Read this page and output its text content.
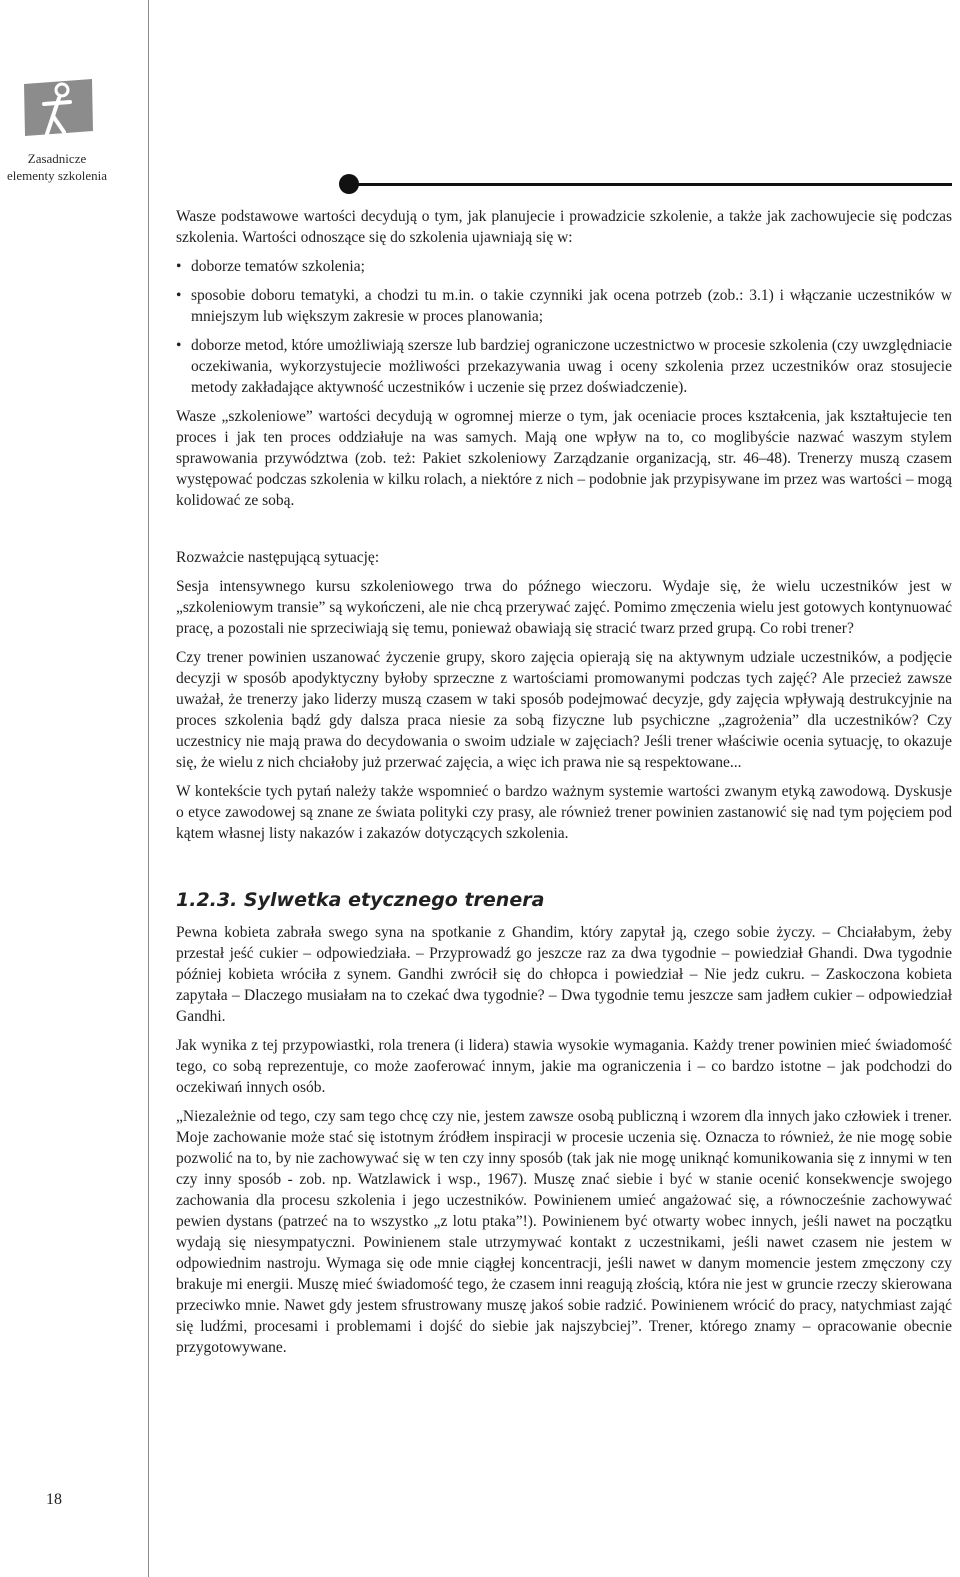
Zasadnicze
elementy szkolenia

Wasze podstawowe wartości decydują o tym, jak planujecie i prowadzicie szkolenie, a także jak zachowujecie się podczas szkolenia. Wartości odnoszące się do szkolenia ujawniają się w:

• doborze tematów szkolenia;
• sposobie doboru tematyki, a chodzi tu m.in. o takie czynniki jak ocena potrzeb (zob.: 3.1) i włączanie uczestników w mniejszym lub większym zakresie w proces planowania;
• doborze metod, które umożliwiają szersze lub bardziej ograniczone uczestnictwo w procesie szkolenia (czy uwzględniacie oczekiwania, wykorzystujecie możliwości przekazywania uwag i oceny szkolenia przez uczestników oraz stosujecie metody zakładające aktywność uczestników i uczenie się przez doświadczenie).

Wasze „szkoleniowe” wartości decydują w ogromnej mierze o tym, jak oceniacie proces kształcenia, jak kształtujecie ten proces i jak ten proces oddziałuje na was samych. Mają one wpływ na to, co moglibyście nazwać waszym stylem sprawowania przywództwa (zob. też: Pakiet szkoleniowy Zarządzanie organizacją, str. 46–48). Trenerzy muszą czasem występować podczas szkolenia w kilku rolach, a niektóre z nich – podobnie jak przypisywane im przez was wartości – mogą kolidować ze sobą.

Rozważcie następującą sytuację:

Sesja intensywnego kursu szkoleniowego trwa do późnego wieczoru. Wydaje się, że wielu uczestników jest w „szkoleniowym transie” są wykończeni, ale nie chcą przerywać zajęć. Pomimo zmęczenia wielu jest gotowych kontynuować pracę, a pozostali nie sprzeciwiają się temu, ponieważ obawiają się stracić twarz przed grupą. Co robi trener?

Czy trener powinien uszanować życzenie grupy, skoro zajęcia opierają się na aktywnym udziale uczestników, a podjęcie decyzji w sposób apodyktyczny byłoby sprzeczne z wartościami promowanymi podczas tych zajęć? Ale przecież zawsze uważał, że trenerzy jako liderzy muszą czasem w taki sposób podejmować decyzje, gdy zajęcia wpływają destrukcyjnie na proces szkolenia bądź gdy dalsza praca niesie za sobą fizyczne lub psychiczne „zagrożenia” dla uczestników? Czy uczestnicy nie mają prawa do decydowania o swoim udziale w zajęciach? Jeśli trener właściwie ocenia sytuację, to okazuje się, że wielu z nich chciałoby już przerwać zajęcia, a więc ich prawa nie są respektowane...

W kontekście tych pytań należy także wspomnieć o bardzo ważnym systemie wartości zwanym etyką zawodową. Dyskusje o etyce zawodowej są znane ze świata polityki czy prasy, ale również trener powinien zastanowić się nad tym pojęciem pod kątem własnej listy nakazów i zakazów dotyczących szkolenia.

1.2.3. Sylwetka etycznego trenera

Pewna kobieta zabrała swego syna na spotkanie z Ghandim, który zapytał ją, czego sobie życzy. – Chciałabym, żeby przestał jeść cukier – odpowiedziała. – Przyprowadź go jeszcze raz za dwa tygodnie – powiedział Ghandi. Dwa tygodnie później kobieta wróciła z synem. Gandhi zwrócił się do chłopca i powiedział – Nie jedz cukru. – Zaskoczona kobieta zapytała – Dlaczego musiałam na to czekać dwa tygodnie? – Dwa tygodnie temu jeszcze sam jadłem cukier – odpowiedział Gandhi.

Jak wynika z tej przypowiastki, rola trenera (i lidera) stawia wysokie wymagania. Każdy trener powinien mieć świadomość tego, co sobą reprezentuje, co może zaoferować innym, jakie ma ograniczenia i – co bardzo istotne – jak podchodzi do oczekiwań innych osób.

„Niezależnie od tego, czy sam tego chcę czy nie, jestem zawsze osobą publiczną i wzorem dla innych jako człowiek i trener. Moje zachowanie może stać się istotnym źródłem inspiracji w procesie uczenia się. Oznacza to również, że nie mogę sobie pozwolić na to, by nie zachowywać się w ten czy inny sposób (tak jak nie mogę uniknąć komunikowania się z innymi w ten czy inny sposób - zob. np. Watzlawick i wsp., 1967). Muszę znać siebie i być w stanie ocenić konsekwencje swojego zachowania dla procesu szkolenia i jego uczestników. Powinienem umieć angażować się, a równocześnie zachowywać pewien dystans (patrzeć na to wszystko „z lotu ptaka”!). Powinienem być otwarty wobec innych, jeśli nawet na początku wydają się niesympatyczni. Powinienem stale utrzymywać kontakt z uczestnikami, jeśli nawet czasem nie jestem w odpowiednim nastroju. Wymaga się ode mnie ciągłej koncentracji, jeśli nawet w danym momencie jestem zmęczony czy brakuje mi energii. Muszę mieć świadomość tego, że czasem inni reagują złością, która nie jest w gruncie rzeczy skierowana przeciwko mnie. Nawet gdy jestem sfrustrowany muszę jakoś sobie radzić. Powinienem wrócić do pracy, natychmiast zająć się ludźmi, procesami i problemami i dojść do siebie jak najszybciej”. Trener, którego znamy – opracowanie obecnie przygotowywane.

18
